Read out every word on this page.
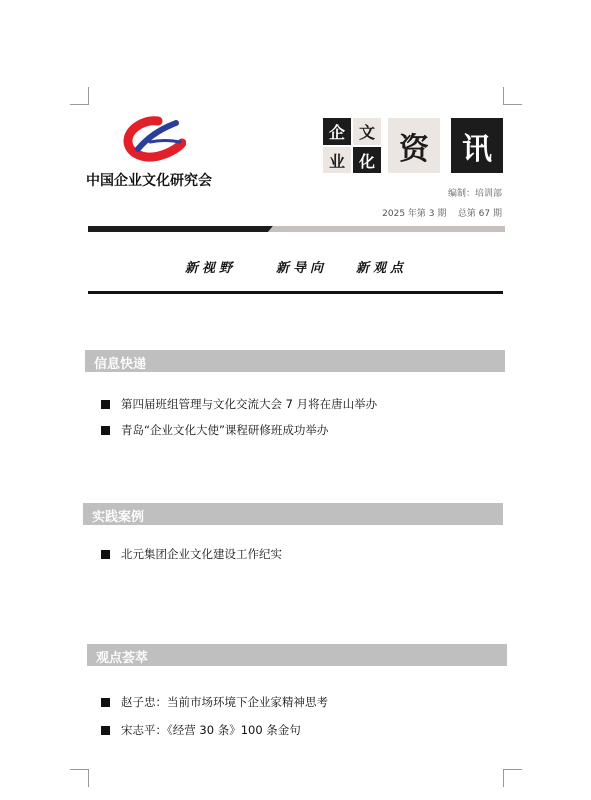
中国企业文化研究会
企 文
业 化 资	讯
编制：培训部
2025 年第 3 期    总第 67 期
新视野	新导向 新观点
信息快递
第四届班组管理与文化交流大会 7 月将在唐山举办
青岛“企业文化大使”课程研修班成功举办
实践案例
北元集团企业文化建设工作纪实
观点荟萃
赵子忠：当前市场环境下企业家精神思考
宋志平：《经营 30 条》100 条金句
